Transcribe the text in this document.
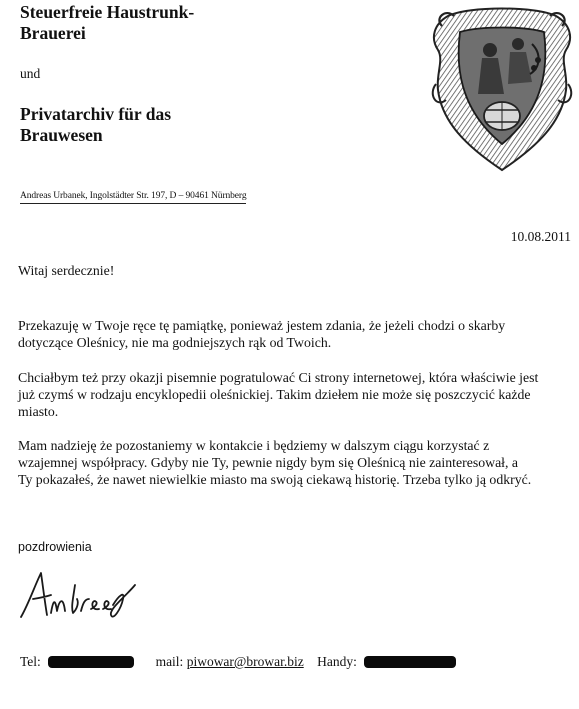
Steuerfreie Haustrunk-
Brauerei
und
Privatarchiv für das
Brauwesen
Andreas Urbanek, Ingolstädter Str. 197, D – 90461 Nürnberg
10.08.2011
Witaj serdecznie!
Przekazuję w Twoje ręce tę pamiątkę, ponieważ jestem zdania, że jeżeli chodzi o skarby
dotyczące Oleśnicy, nie ma godniejszych rąk od Twoich.
Chciałbym też przy okazji pisemnie pogratulować Ci strony internetowej, która właściwie jest
już czymś w rodzaju encyklopedii oleśnickiej. Takim dziełem nie może się poszczycić każde
miasto.
Mam nadzieję że pozostaniemy w kontakcie i będziemy w dalszym ciągu korzystać z
wzajemnej współpracy. Gdyby nie Ty, pewnie nigdy bym się Oleśnicą nie zainteresował, a
Ty pokazałeś, że nawet niewielkie miasto ma swoją ciekawą historię. Trzeba tylko ją odkryć.
pozdrowienia
Tel:	mail: piwowar@browar.biz Handy:
